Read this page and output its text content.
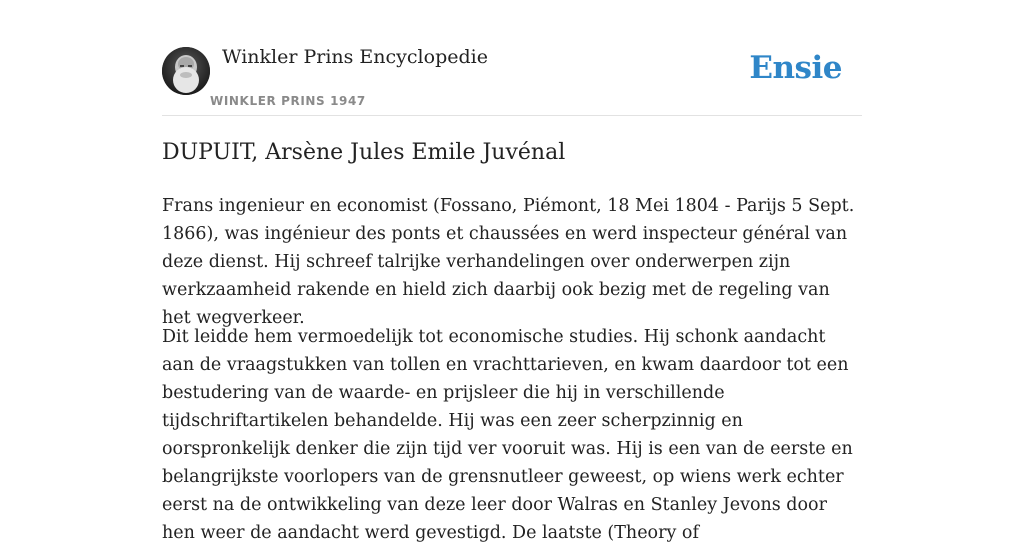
Winkler Prins Encyclopedie
WINKLER PRINS 1947
Ensie
DUPUIT, Arsène Jules Emile Juvénal

Frans ingenieur en economist (Fossano, Piémont, 18 Mei 1804 - Parijs 5 Sept. 1866), was ingénieur des ponts et chaussées en werd inspecteur général van deze dienst. Hij schreef talrijke verhandelingen over onderwerpen zijn werkzaamheid rakende en hield zich daarbij ook bezig met de regeling van het wegverkeer.

Dit leidde hem vermoedelijk tot economische studies. Hij schonk aandacht aan de vraagstukken van tollen en vrachttarieven, en kwam daardoor tot een bestudering van de waarde- en prijsleer die hij in verschillende tijdschriftartikelen behandelde. Hij was een zeer scherpzinnig en oorspronkelijk denker die zijn tijd ver vooruit was. Hij is een van de eerste en belangrijkste voorlopers van de grensnutleer geweest, op wiens werk echter eerst na de ontwikkeling van deze leer door Walras en Stanley Jevons door hen weer de aandacht werd gevestigd. De laatste (Theory of
